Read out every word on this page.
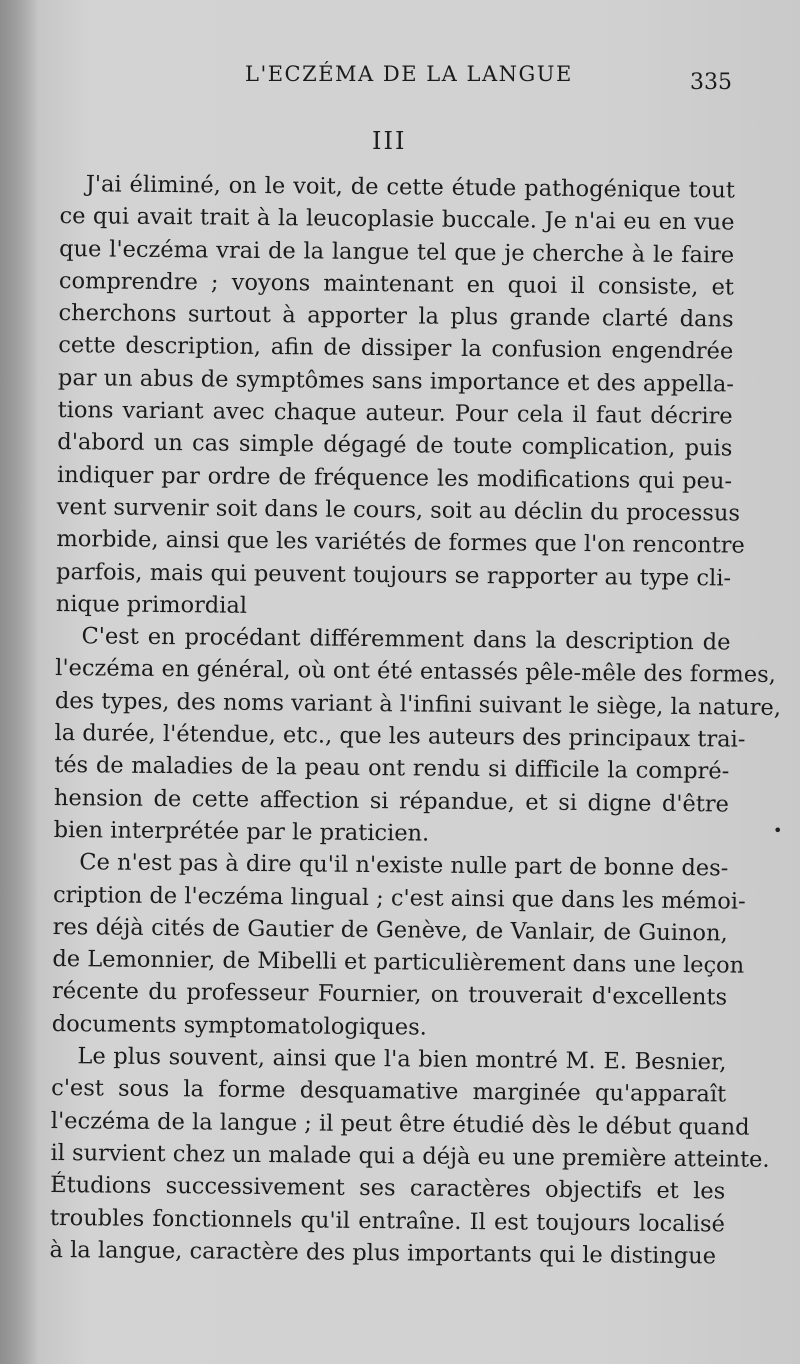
L'ECZÉMA DE LA LANGUE	335
III
J'ai éliminé, on le voit, de cette étude pathogénique tout
ce qui avait trait à la leucoplasie buccale. Je n'ai eu en vue
que l'eczéma vrai de la langue tel que je cherche à le faire
comprendre ; voyons maintenant en quoi il consiste, et
cherchons surtout à apporter la plus grande clarté dans
cette description, afin de dissiper la confusion engendrée
par un abus de symptômes sans importance et des appella-
tions variant avec chaque auteur. Pour cela il faut décrire
d'abord un cas simple dégagé de toute complication, puis
indiquer par ordre de fréquence les modifications qui peu-
vent survenir soit dans le cours, soit au déclin du processus
morbide, ainsi que les variétés de formes que l'on rencontre
parfois, mais qui peuvent toujours se rapporter au type cli-
nique primordial
C'est en procédant différemment dans la description de
l'eczéma en général, où ont été entassés pêle-mêle des formes,
des types, des noms variant à l'infini suivant le siège, la nature,
la durée, l'étendue, etc., que les auteurs des principaux trai-
tés de maladies de la peau ont rendu si difficile la compré-
hension de cette affection si répandue, et si digne d'être
bien interprétée par le praticien.
Ce n'est pas à dire qu'il n'existe nulle part de bonne des-
cription de l'eczéma lingual ; c'est ainsi que dans les mémoi-
res déjà cités de Gautier de Genève, de Vanlair, de Guinon,
de Lemonnier, de Mibelli et particulièrement dans une leçon
récente du professeur Fournier, on trouverait d'excellents
documents symptomatologiques.
Le plus souvent, ainsi que l'a bien montré M. E. Besnier,
c'est sous la forme desquamative marginée qu'apparaît
l'eczéma de la langue ; il peut être étudié dès le début quand
il survient chez un malade qui a déjà eu une première atteinte.
Étudions successivement ses caractères objectifs et les
troubles fonctionnels qu'il entraîne. Il est toujours localisé
à la langue, caractère des plus importants qui le distingue
•
